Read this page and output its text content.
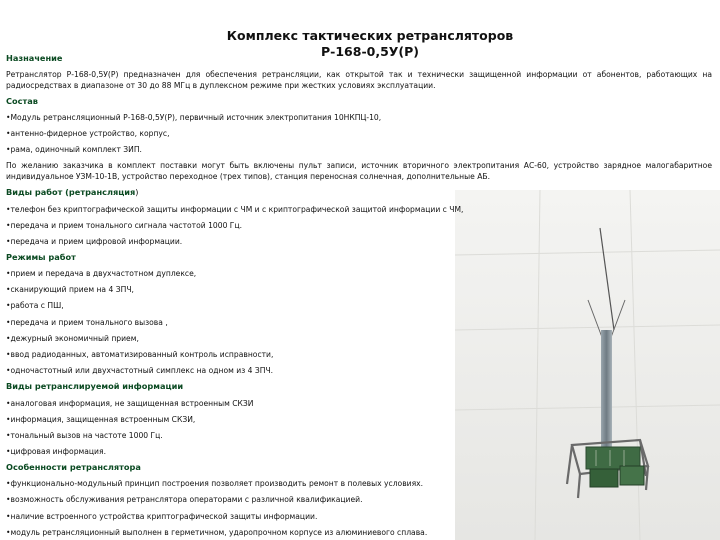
Комплекс тактических ретрансляторов
Р-168-0,5У(Р)
Назначение
Ретранслятор Р-168-0,5У(Р) предназначен для обеспечения ретрансляции, как открытой так и технически защищенной информации от абонентов, работающих на радиосредствах в диапазоне от 30 до 88 МГц в дуплексном режиме при жестких условиях эксплуатации.
Состав
•Модуль ретрансляционный Р-168-0,5У(Р), первичный источник электропитания 10НКПЦ-10,
•антенно-фидерное устройство, корпус,
•рама, одиночный комплект ЗИП.
По желанию заказчика в комплект поставки могут быть включены пульт записи, источник вторичного электропитания АС-60, устройство зарядное малогабаритное индивидуальное УЗМ-10-1В, устройство переходное (трех типов), станция переносная солнечная, дополнительные АБ.
Виды работ (ретрансляция)
•телефон без криптографической защиты информации с ЧМ и с криптографической защитой информации с ЧМ,
•передача и прием тонального сигнала частотой 1000 Гц.
•передача и прием цифровой информации.
Режимы работ
•прием и передача в двухчастотном дуплексе,
•сканирующий прием на 4 ЗПЧ,
•работа с ПШ,
•передача и прием тонального вызова ,
•дежурный экономичный прием,
•ввод радиоданных, автоматизированный контроль исправности,
•одночастотный или двухчастотный симплекс на одном из 4 ЗПЧ.
Виды ретранслируемой информации
•аналоговая информация, не защищенная встроенным СКЗИ
•информация, защищенная встроенным СКЗИ,
•тональный вызов на частоте 1000 Гц.
•цифровая информация.
Особенности ретранслятора
•функционально-модульный принцип построения позволяет производить ремонт в полевых условиях.
•возможность обслуживания ретранслятора операторами с различной квалификацией.
•наличие встроенного устройства криптографической защиты информации.
•модуль ретрансляционный выполнен в герметичном, ударопрочном корпусе из алюминиевого сплава.
